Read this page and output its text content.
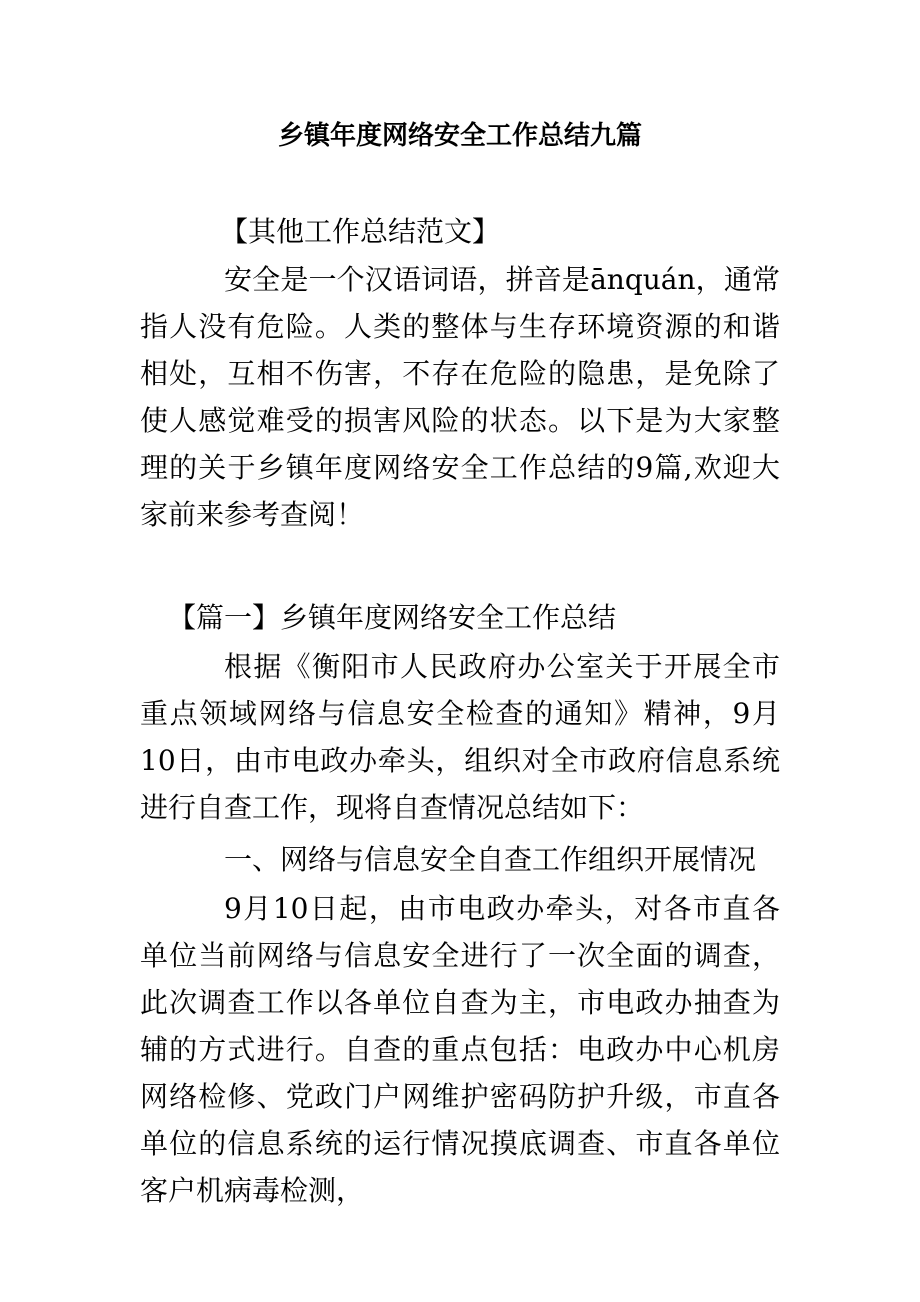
乡镇年度网络安全工作总结九篇

【其他工作总结范文】

安全是一个汉语词语，拼音是ānquán，通常指人没有危险。人类的整体与生存环境资源的和谐相处，互相不伤害，不存在危险的隐患，是免除了使人感觉难受的损害风险的状态。以下是为大家整理的关于乡镇年度网络安全工作总结的9篇,欢迎大家前来参考查阅！

【篇一】乡镇年度网络安全工作总结

根据《衡阳市人民政府办公室关于开展全市重点领域网络与信息安全检查的通知》精神，9月10日，由市电政办牵头，组织对全市政府信息系统进行自查工作，现将自查情况总结如下：

一、网络与信息安全自查工作组织开展情况

9月10日起，由市电政办牵头，对各市直各单位当前网络与信息安全进行了一次全面的调查，此次调查工作以各单位自查为主，市电政办抽查为辅的方式进行。自查的重点包括：电政办中心机房网络检修、党政门户网维护密码防护升级，市直各单位的信息系统的运行情况摸底调查、市直各单位客户机病毒检测，
